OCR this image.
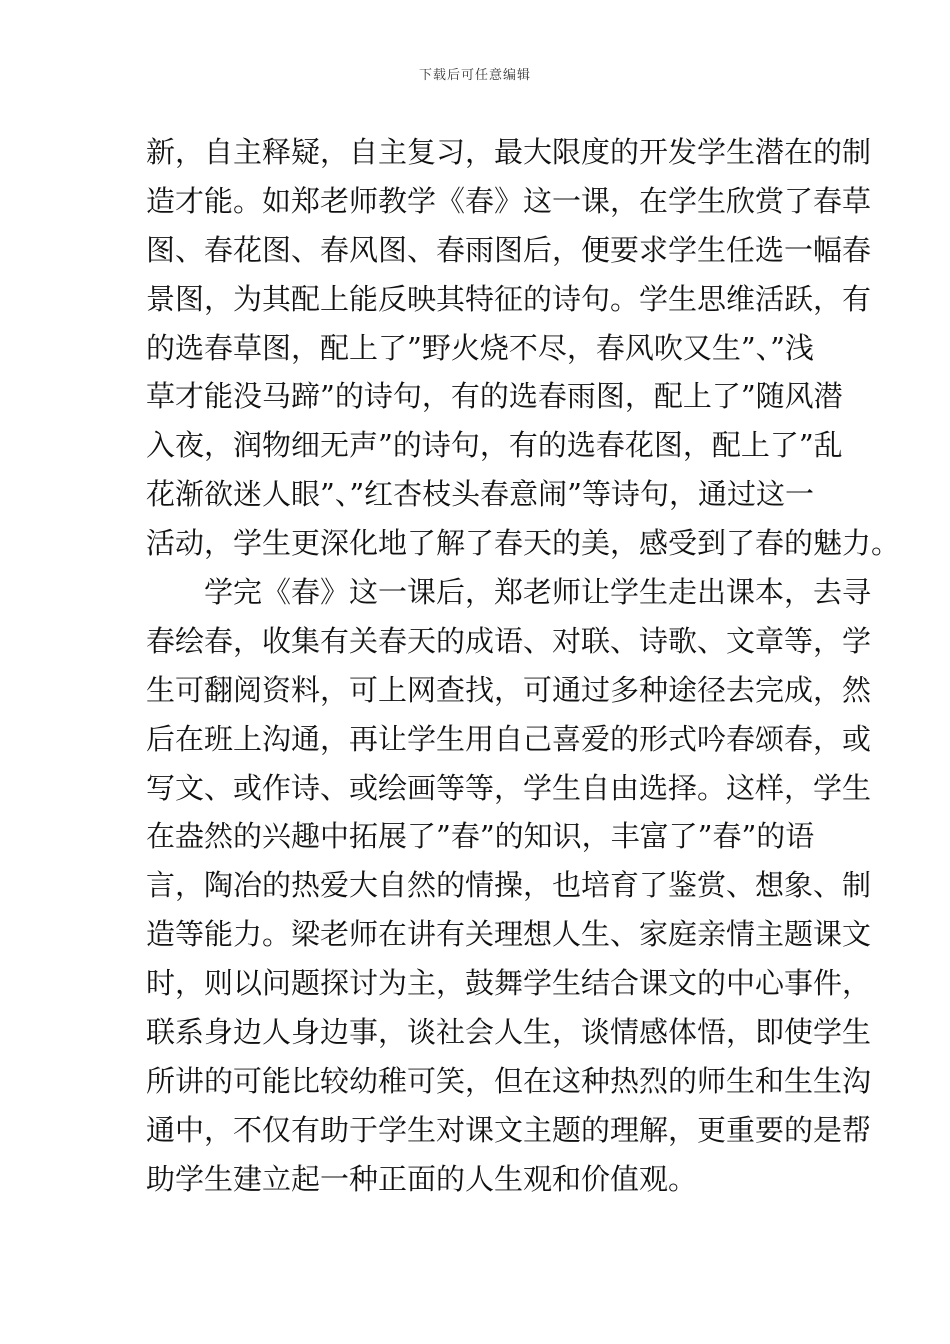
下载后可任意编辑
新，自主释疑，自主复习，最大限度的开发学生潜在的制
造才能。如郑老师教学《春》这一课，在学生欣赏了春草
图、春花图、春风图、春雨图后，便要求学生任选一幅春
景图，为其配上能反映其特征的诗句。学生思维活跃，有
的选春草图，配上了”野火烧不尽，春风吹又生”、”浅
草才能没马蹄”的诗句，有的选春雨图，配上了”随风潜
入夜，润物细无声”的诗句，有的选春花图，配上了”乱
花渐欲迷人眼”、”红杏枝头春意闹”等诗句，通过这一
活动，学生更深化地了解了春天的美，感受到了春的魅力。
学完《春》这一课后，郑老师让学生走出课本，去寻
春绘春，收集有关春天的成语、对联、诗歌、文章等，学
生可翻阅资料，可上网查找，可通过多种途径去完成，然
后在班上沟通，再让学生用自己喜爱的形式吟春颂春，或
写文、或作诗、或绘画等等，学生自由选择。这样，学生
在盎然的兴趣中拓展了”春”的知识，丰富了”春”的语
言，陶冶的热爱大自然的情操，也培育了鉴赏、想象、制
造等能力。梁老师在讲有关理想人生、家庭亲情主题课文
时，则以问题探讨为主，鼓舞学生结合课文的中心事件，
联系身边人身边事，谈社会人生，谈情感体悟，即使学生
所讲的可能比较幼稚可笑，但在这种热烈的师生和生生沟
通中，不仅有助于学生对课文主题的理解，更重要的是帮
助学生建立起一种正面的人生观和价值观。
